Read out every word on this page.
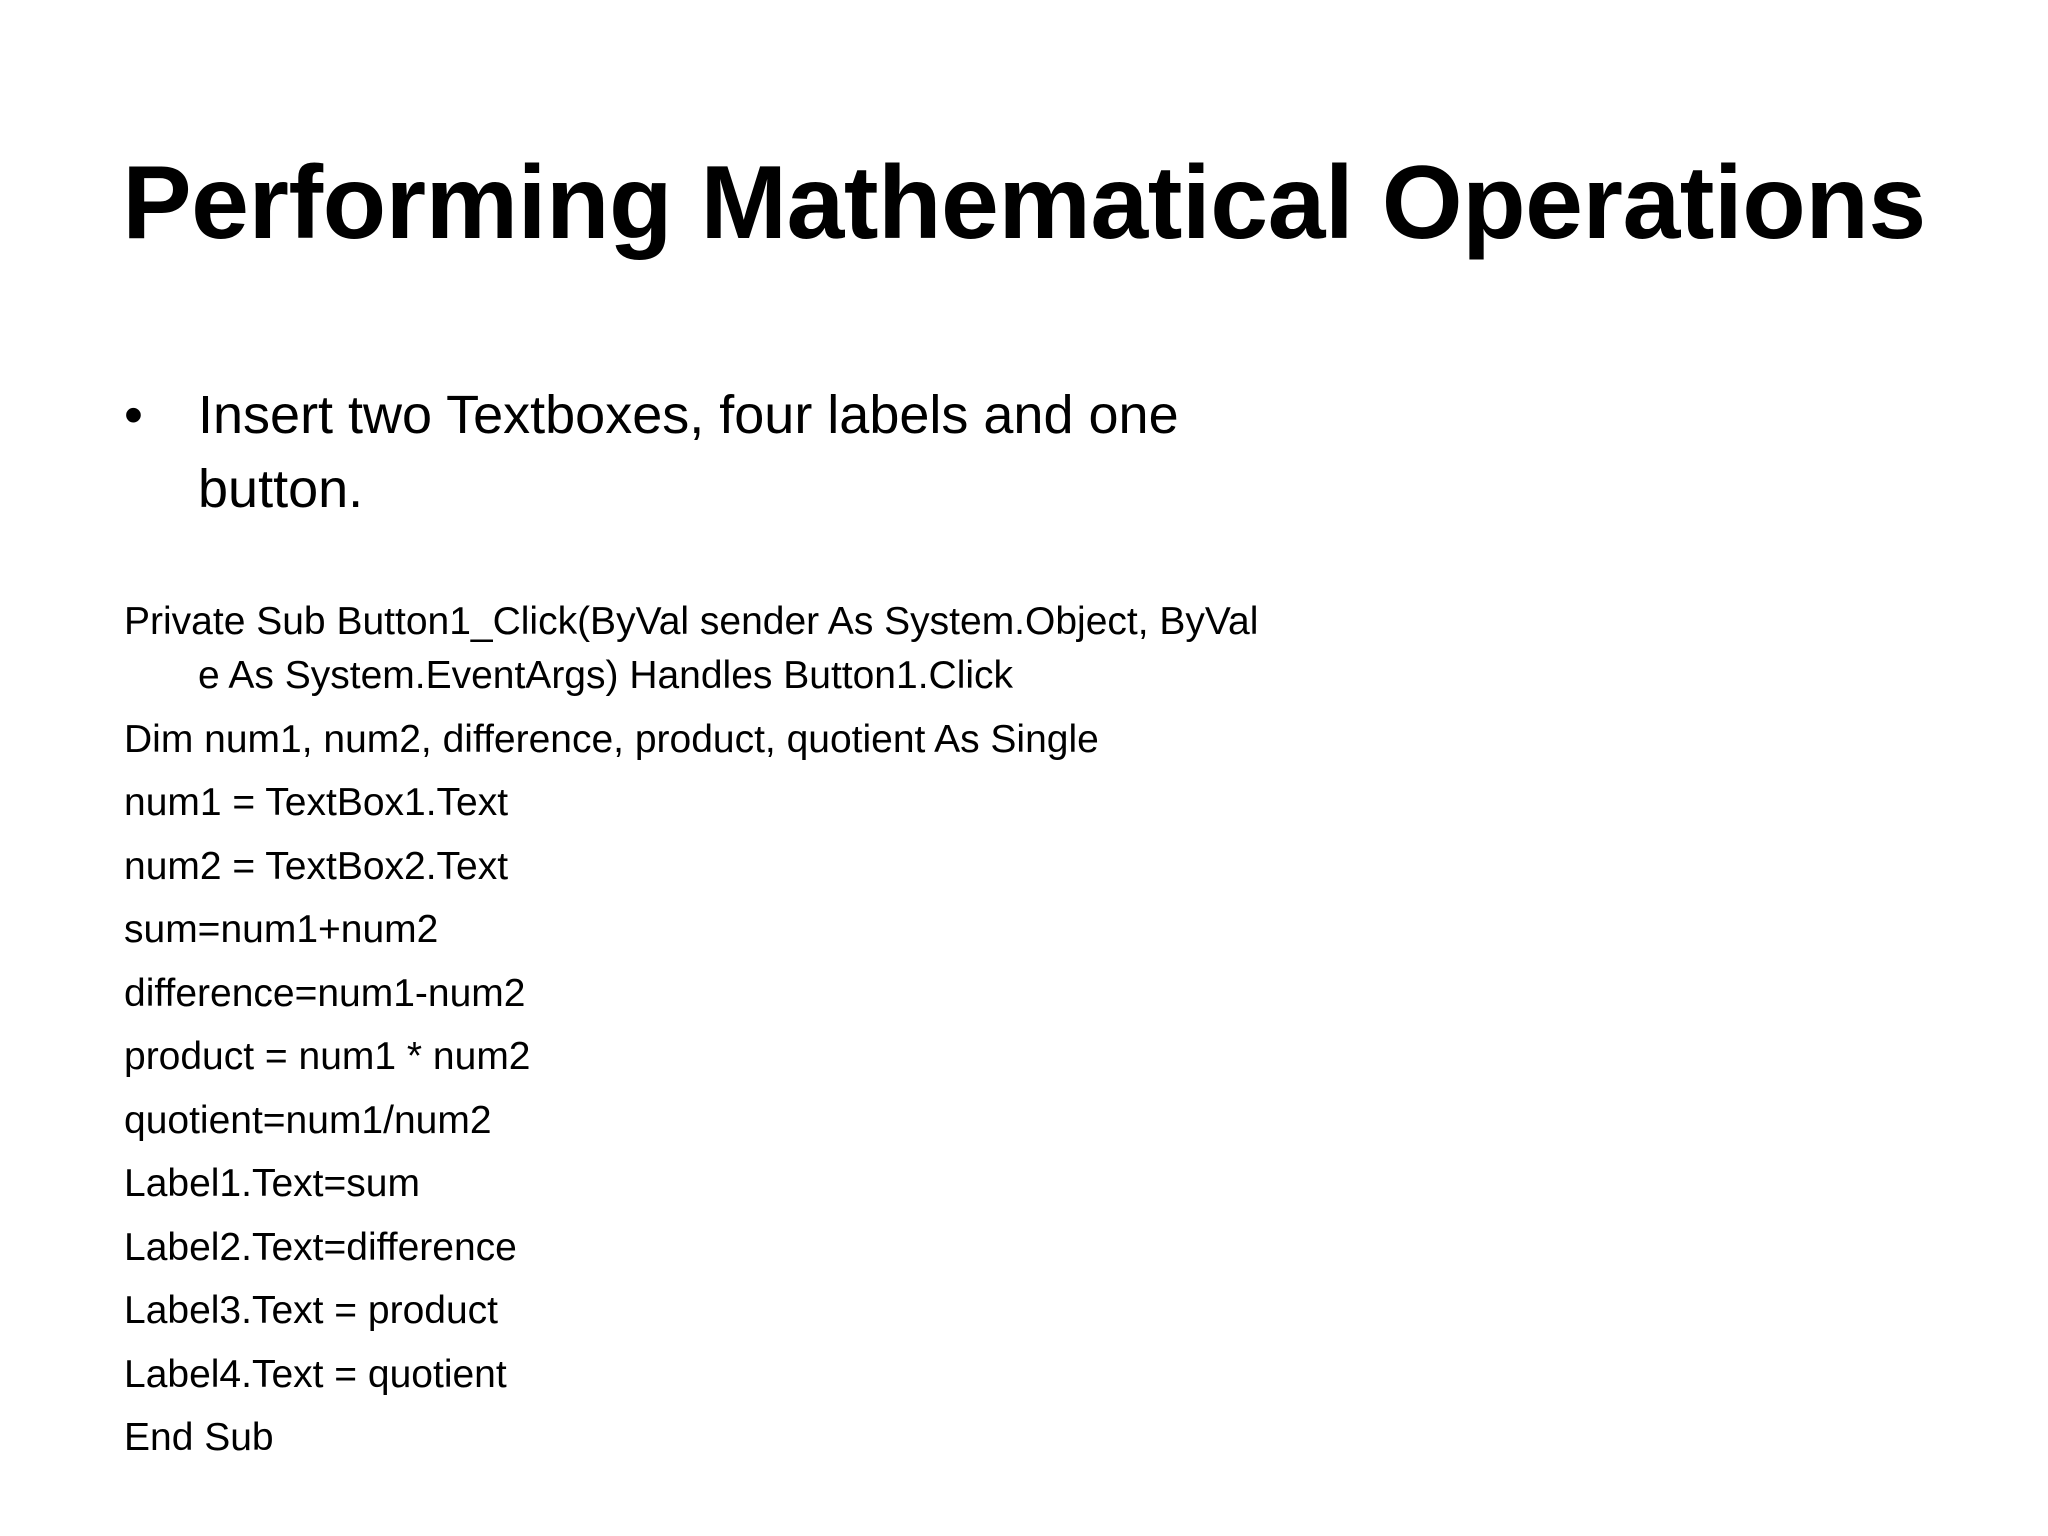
Performing Mathematical Operations
• Insert two Textboxes, four labels and one button.
Private Sub Button1_Click(ByVal sender As System.Object, ByVal e As System.EventArgs) Handles Button1.Click
Dim num1, num2, difference, product, quotient As Single
num1 = TextBox1.Text
num2 = TextBox2.Text
sum=num1+num2
difference=num1-num2
product = num1 * num2
quotient=num1/num2
Label1.Text=sum
Label2.Text=difference
Label3.Text = product
Label4.Text = quotient
End Sub
